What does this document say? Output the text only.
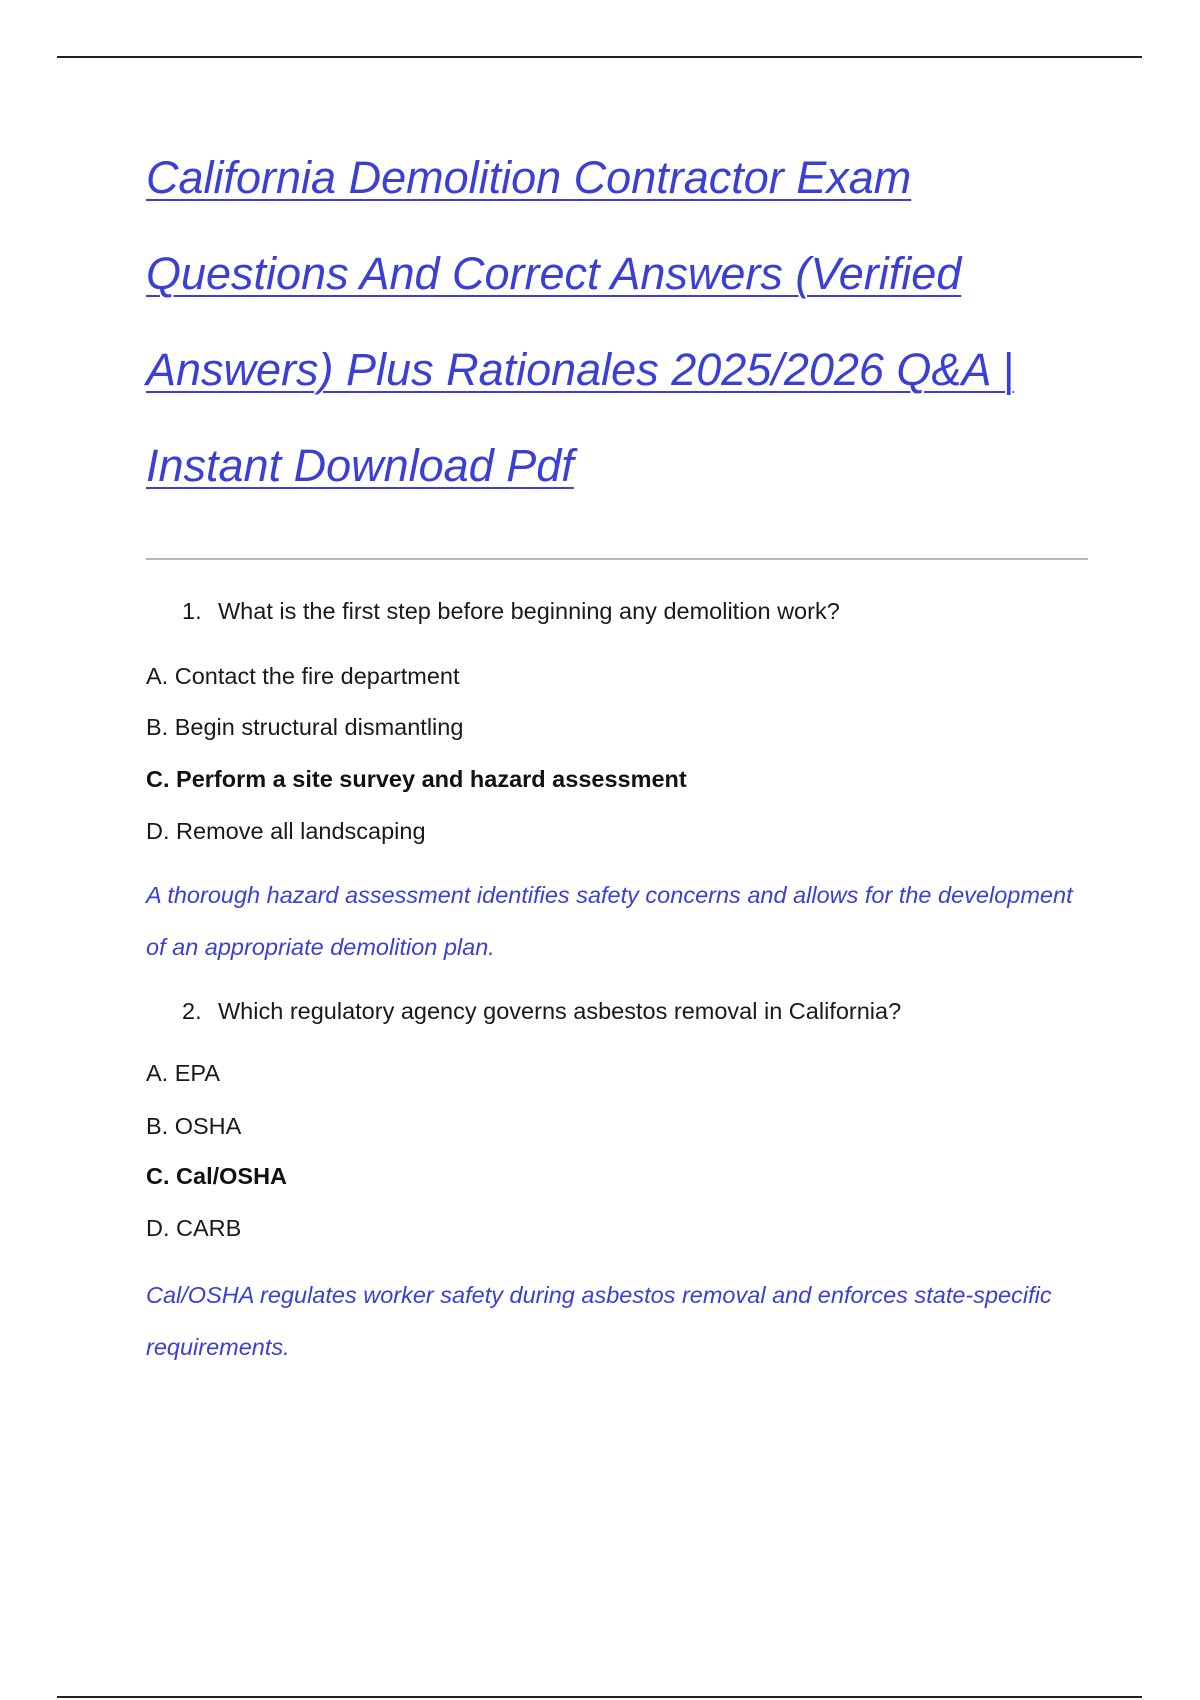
California Demolition Contractor Exam Questions And Correct Answers (Verified Answers) Plus Rationales 2025/2026 Q&A | Instant Download Pdf

1. What is the first step before beginning any demolition work?

A. Contact the fire department

B. Begin structural dismantling

C. Perform a site survey and hazard assessment

D. Remove all landscaping

A thorough hazard assessment identifies safety concerns and allows for the development of an appropriate demolition plan.

2. Which regulatory agency governs asbestos removal in California?

A. EPA

B. OSHA

C. Cal/OSHA

D. CARB

Cal/OSHA regulates worker safety during asbestos removal and enforces state-specific requirements.
